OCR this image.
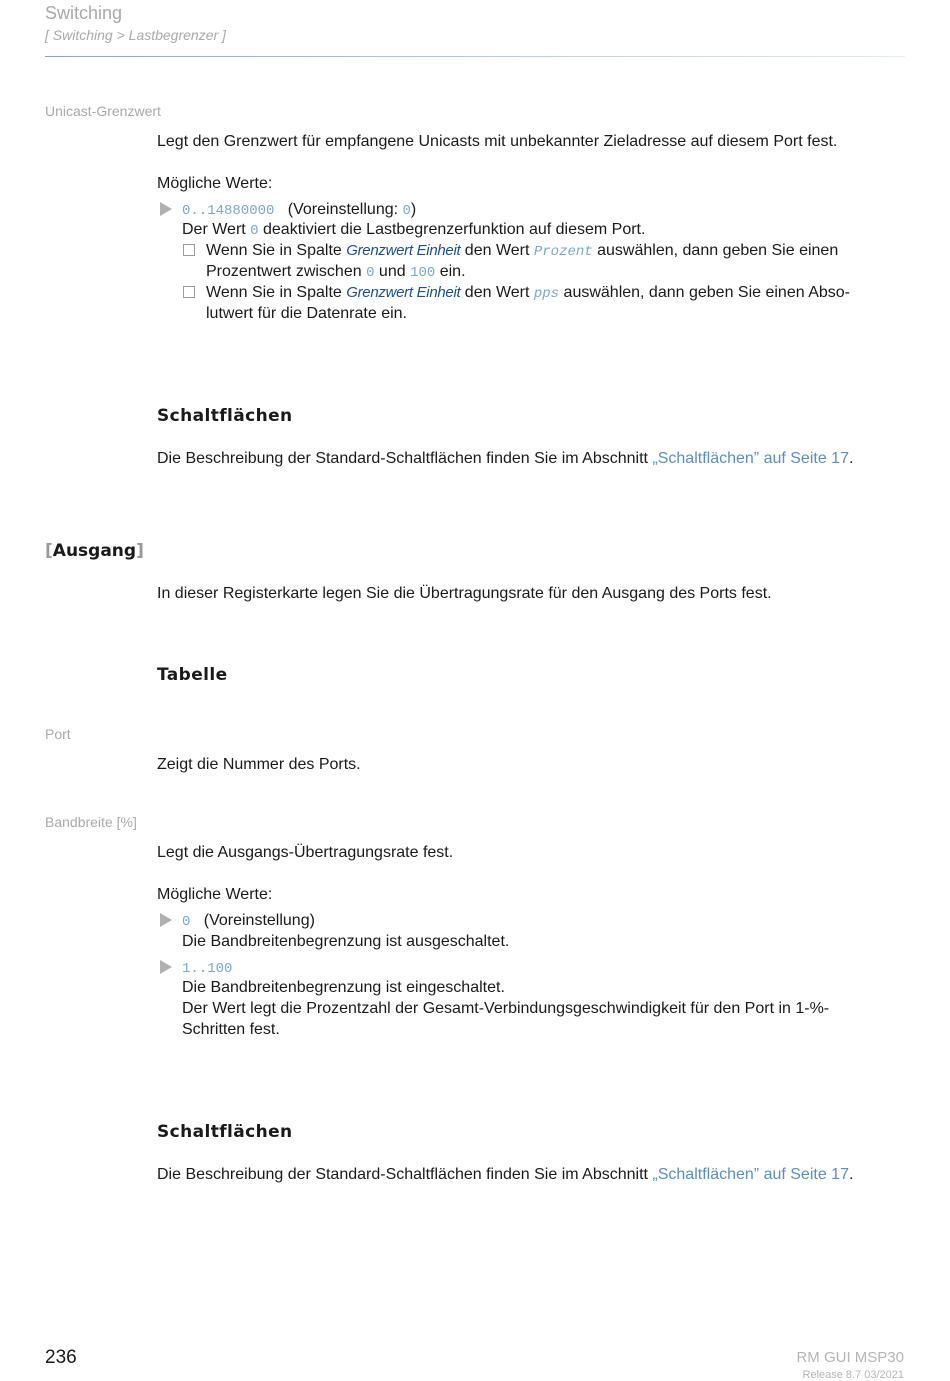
Switching
[ Switching > Lastbegrenzer ]
Unicast-Grenzwert
Legt den Grenzwert für empfangene Unicasts mit unbekannter Zieladresse auf diesem Port fest.
Mögliche Werte:
0..14880000 (Voreinstellung: 0)
Der Wert 0 deaktiviert die Lastbegrenzerfunktion auf diesem Port.
Wenn Sie in Spalte Grenzwert Einheit den Wert Prozent auswählen, dann geben Sie einen
Prozentwert zwischen 0 und 100 ein.
Wenn Sie in Spalte Grenzwert Einheit den Wert pps auswählen, dann geben Sie einen Abso-
lutwert für die Datenrate ein.
Schaltflächen
Die Beschreibung der Standard-Schaltflächen finden Sie im Abschnitt „Schaltflächen” auf Seite 17.
[Ausgang]
In dieser Registerkarte legen Sie die Übertragungsrate für den Ausgang des Ports fest.
Tabelle
Port
Zeigt die Nummer des Ports.
Bandbreite [%]
Legt die Ausgangs-Übertragungsrate fest.
Mögliche Werte:
0 (Voreinstellung)
Die Bandbreitenbegrenzung ist ausgeschaltet.
1..100
Die Bandbreitenbegrenzung ist eingeschaltet.
Der Wert legt die Prozentzahl der Gesamt-Verbindungsgeschwindigkeit für den Port in 1-%-
Schritten fest.
Schaltflächen
Die Beschreibung der Standard-Schaltflächen finden Sie im Abschnitt „Schaltflächen” auf Seite 17.
236	RM GUI MSP30
Release 8.7 03/2021
